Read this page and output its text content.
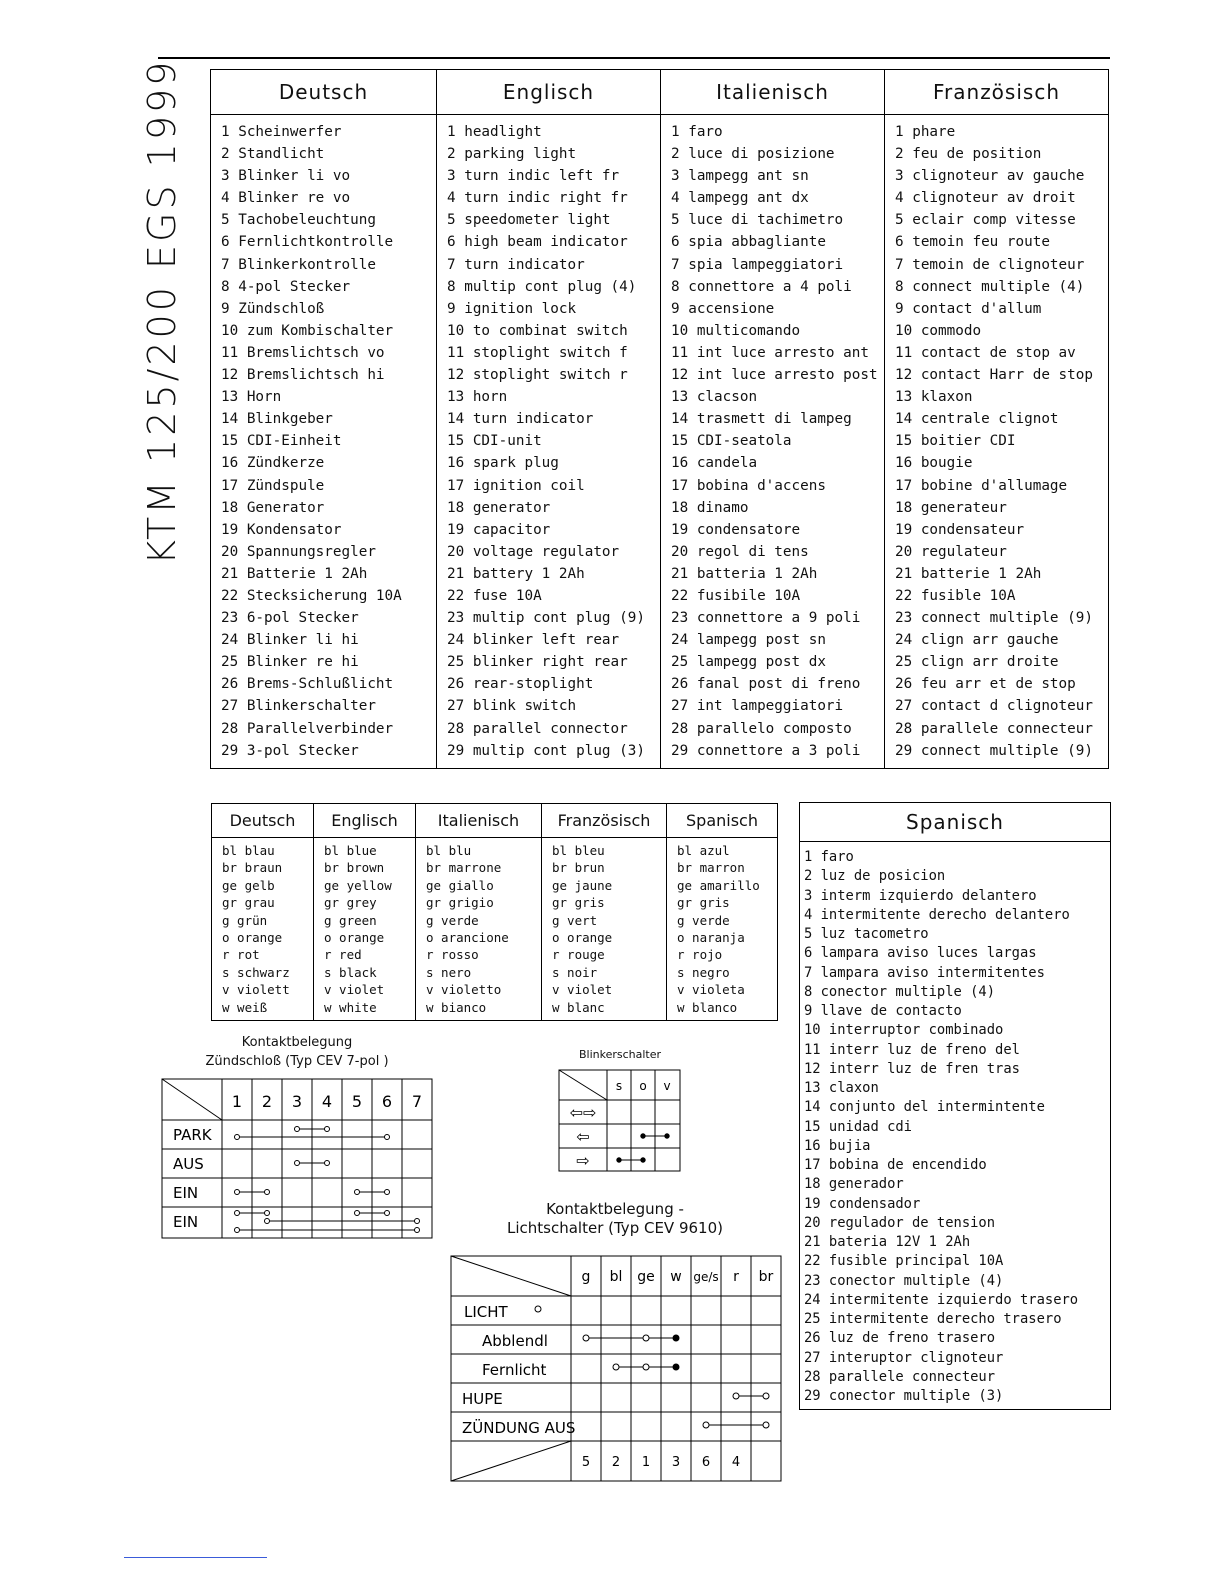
KTM 125/200 EGS 1999	Deutsch
1 Scheinwerfer
2 Standlicht
3 Blinker li vo
4 Blinker re vo
5 Tachobeleuchtung
6 Fernlichtkontrolle
7 Blinkerkontrolle
8 4-pol Stecker
9 Zündschloß
10 zum Kombischalter
11 Bremslichtsch vo
12 Bremslichtsch hi
13 Horn
14 Blinkgeber
15 CDI-Einheit
16 Zündkerze
17 Zündspule
18 Generator
19 Kondensator
20 Spannungsregler
21 Batterie 1 2Ah
22 Stecksicherung 10A
23 6-pol Stecker
24 Blinker li hi
25 Blinker re hi
26 Brems-Schlußlicht
27 Blinkerschalter
28 Parallelverbinder
29 3-pol Stecker
Englisch
1 headlight
2 parking light
3 turn indic left fr
4 turn indic right fr
5 speedometer light
6 high beam indicator
7 turn indicator
8 multip cont plug (4)
9 ignition lock
10 to combinat switch
11 stoplight switch f
12 stoplight switch r
13 horn
14 turn indicator
15 CDI-unit
16 spark plug
17 ignition coil
18 generator
19 capacitor
20 voltage regulator
21 battery 1 2Ah
22 fuse 10A
23 multip cont plug (9)
24 blinker left rear
25 blinker right rear
26 rear-stoplight
27 blink switch
28 parallel connector
29 multip cont plug (3)
Italienisch
1 faro
2 luce di posizione
3 lampegg ant sn
4 lampegg ant dx
5 luce di tachimetro
6 spia abbagliante
7 spia lampeggiatori
8 connettore a 4 poli
9 accensione
10 multicomando
11 int luce arresto ant
12 int luce arresto post
13 clacson
14 trasmett di lampeg
15 CDI-seatola
16 candela
17 bobina d'accens
18 dinamo
19 condensatore
20 regol di tens
21 batteria 1 2Ah
22 fusibile 10A
23 connettore a 9 poli
24 lampegg post sn
25 lampegg post dx
26 fanal post di freno
27 int lampeggiatori
28 parallelo composto
29 connettore a 3 poli
Französisch
1 phare
2 feu de position
3 clignoteur av gauche
4 clignoteur av droit
5 eclair comp vitesse
6 temoin feu route
7 temoin de clignoteur
8 connect multiple (4)
9 contact d'allum
10 commodo
11 contact de stop av
12 contact Harr de stop
13 klaxon
14 centrale clignot
15 boitier CDI
16 bougie
17 bobine d'allumage
18 generateur
19 condensateur
20 regulateur
21 batterie 1 2Ah
22 fusible 10A
23 connect multiple (9)
24 clign arr gauche
25 clign arr droite
26 feu arr et de stop
27 contact d clignoteur
28 parallele connecteur
29 connect multiple (9)
Deutsch
bl blau
br braun
ge gelb
gr grau
g grün
o orange
r rot
s schwarz
v violett
w weiß
Englisch
bl blue
br brown
ge yellow
gr grey
g green
o orange
r red
s black
v violet
w white
Italienisch
bl blu
br marrone
ge giallo
gr grigio
g verde
o arancione
r rosso
s nero
v violetto
w bianco
Französisch
bl bleu
br brun
ge jaune
gr gris
g vert
o orange
r rouge
s noir
v violet
w blanc
Spanisch
bl azul
br marron
ge amarillo
gr gris
g verde
o naranja
r rojo
s negro
v violeta
w blanco
Spanisch
1 faro
2 luz de posicion
3 interm izquierdo delantero
4 intermitente derecho delantero
5 luz tacometro
6 lampara aviso luces largas
7 lampara aviso intermitentes
8 conector multiple (4)
9 llave de contacto
10 interruptor combinado
11 interr luz de freno del
12 interr luz de fren tras
13 claxon
14 conjunto del intermintente
15 unidad cdi
16 bujia
17 bobina de encendido
18 generador
19 condensador
20 regulador de tension
21 bateria 12V 1 2Ah
22 fusible principal 10A
23 conector multiple (4)
24 intermitente izquierdo trasero
25 intermitente derecho trasero
26 luz de freno trasero
27 interuptor clignoteur
28 parallele connecteur
29 conector multiple (3)
Kontaktbelegung
Zündschloß (Typ CEV 7-pol )
1 2 3 4 5 6 7
PARK
AUS
EIN
EIN
Blinkerschalter
s o v
⇦⇨
⇦
⇨
Kontaktbelegung -
Lichtschalter (Typ CEV 9610)
g bl ge w ge/s r br
LICHT
Abblendl
Fernlicht
HUPE
ZÜNDUNG AUS
5 2 1 3 6 4
